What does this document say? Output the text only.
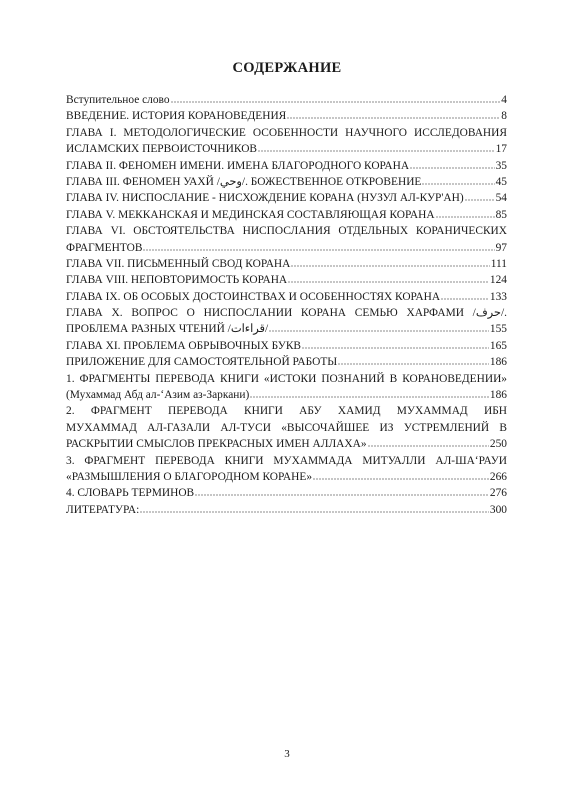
СОДЕРЖАНИЕ
Вступительное слово	4
ВВЕДЕНИЕ. ИСТОРИЯ КОРАНОВЕДЕНИЯ	8
ГЛАВА I. МЕТОДОЛОГИЧЕСКИЕ ОСОБЕННОСТИ НАУЧНОГО ИССЛЕДОВАНИЯ
ИСЛАМСКИХ ПЕРВОИСТОЧНИКОВ	17
ГЛАВА II. ФЕНОМЕН ИМЕНИ. ИМЕНА БЛАГОРОДНОГО КОРАНА	35
ГЛАВА III. ФЕНОМЕН УАХЙ /وحي/. БОЖЕСТВЕННОЕ ОТКРОВЕНИЕ	45
ГЛАВА IV. НИСПОСЛАНИЕ - НИСХОЖДЕНИЕ КОРАНА (НУЗУЛ АЛ-КУР'АН)	54
ГЛАВА V. МЕККАНСКАЯ И МЕДИНСКАЯ СОСТАВЛЯЮЩАЯ КОРАНА	85
ГЛАВА VI. ОБСТОЯТЕЛЬСТВА НИСПОСЛАНИЯ ОТДЕЛЬНЫХ КОРАНИЧЕСКИХ
ФРАГМЕНТОВ	97
ГЛАВА VII. ПИСЬМЕННЫЙ СВОД КОРАНА	111
ГЛАВА VIII. НЕПОВТОРИМОСТЬ КОРАНА	124
ГЛАВА IX. ОБ ОСОБЫХ ДОСТОИНСТВАХ И ОСОБЕННОСТЯХ КОРАНА	133
ГЛАВА X. ВОПРОС О НИСПОСЛАНИИ КОРАНА СЕМЬЮ ХАРФАМИ /حرف/.
ПРОБЛЕМА РАЗНЫХ ЧТЕНИЙ /قراءات/	155
ГЛАВА XI. ПРОБЛЕМА ОБРЫВОЧНЫХ БУКВ	165
ПРИЛОЖЕНИЕ ДЛЯ САМОСТОЯТЕЛЬНОЙ РАБОТЫ	186
1. ФРАГМЕНТЫ ПЕРЕВОДА КНИГИ «ИСТОКИ ПОЗНАНИЙ В КОРАНОВЕДЕНИИ»
(Мухаммад Абд ал-‘Азим аз-Заркани)	186
2. ФРАГМЕНТ ПЕРЕВОДА КНИГИ АБУ ХАМИД МУХАММАД ИБН
МУХАММАД АЛ-ГАЗАЛИ АЛ-ТУСИ «ВЫСОЧАЙШЕЕ ИЗ УСТРЕМЛЕНИЙ В
РАСКРЫТИИ СМЫСЛОВ ПРЕКРАСНЫХ ИМЕН АЛЛАХА»	250
3. ФРАГМЕНТ ПЕРЕВОДА КНИГИ МУХАММАДА МИТУАЛЛИ АЛ-ША‘РАУИ
«РАЗМЫШЛЕНИЯ О БЛАГОРОДНОМ КОРАНЕ»	266
4. СЛОВАРЬ ТЕРМИНОВ	276
ЛИТЕРАТУРА:	300
3
